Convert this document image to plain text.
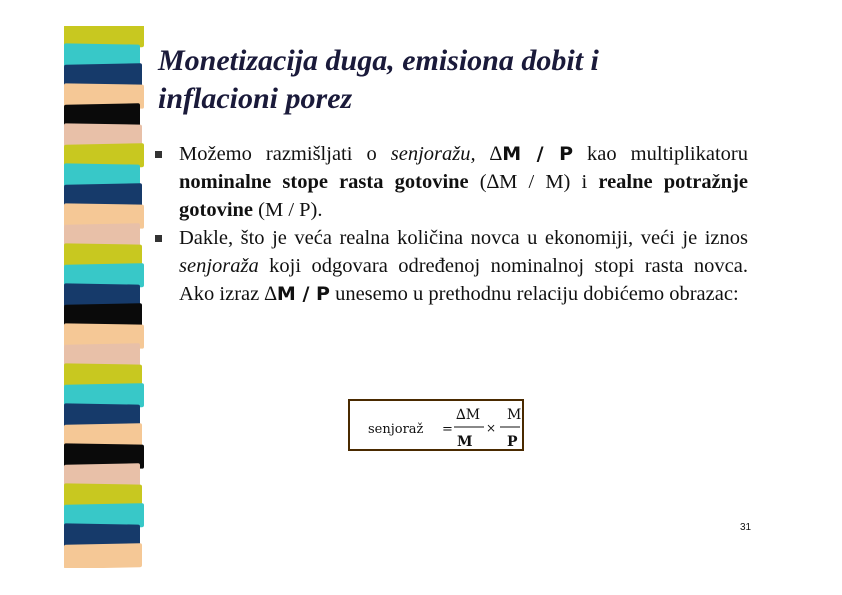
Monetizacija duga, emisiona dobit i
inflacioni porez
Možemo razmišljati o senjoražu, ∆M / P kao multiplikatoru nominalne stope rasta gotovine (∆M / M) i realne potražnje gotovine (M / P).
Dakle, što je veća realna količina novca u ekonomiji, veći je iznos senjoraža koji odgovara određenoj nominalnoj stopi rasta novca. Ako izraz ∆M / P unesemo u prethodnu relaciju dobićemo obrazac:
senjoraž =
∆M
M
×
M
P
31
